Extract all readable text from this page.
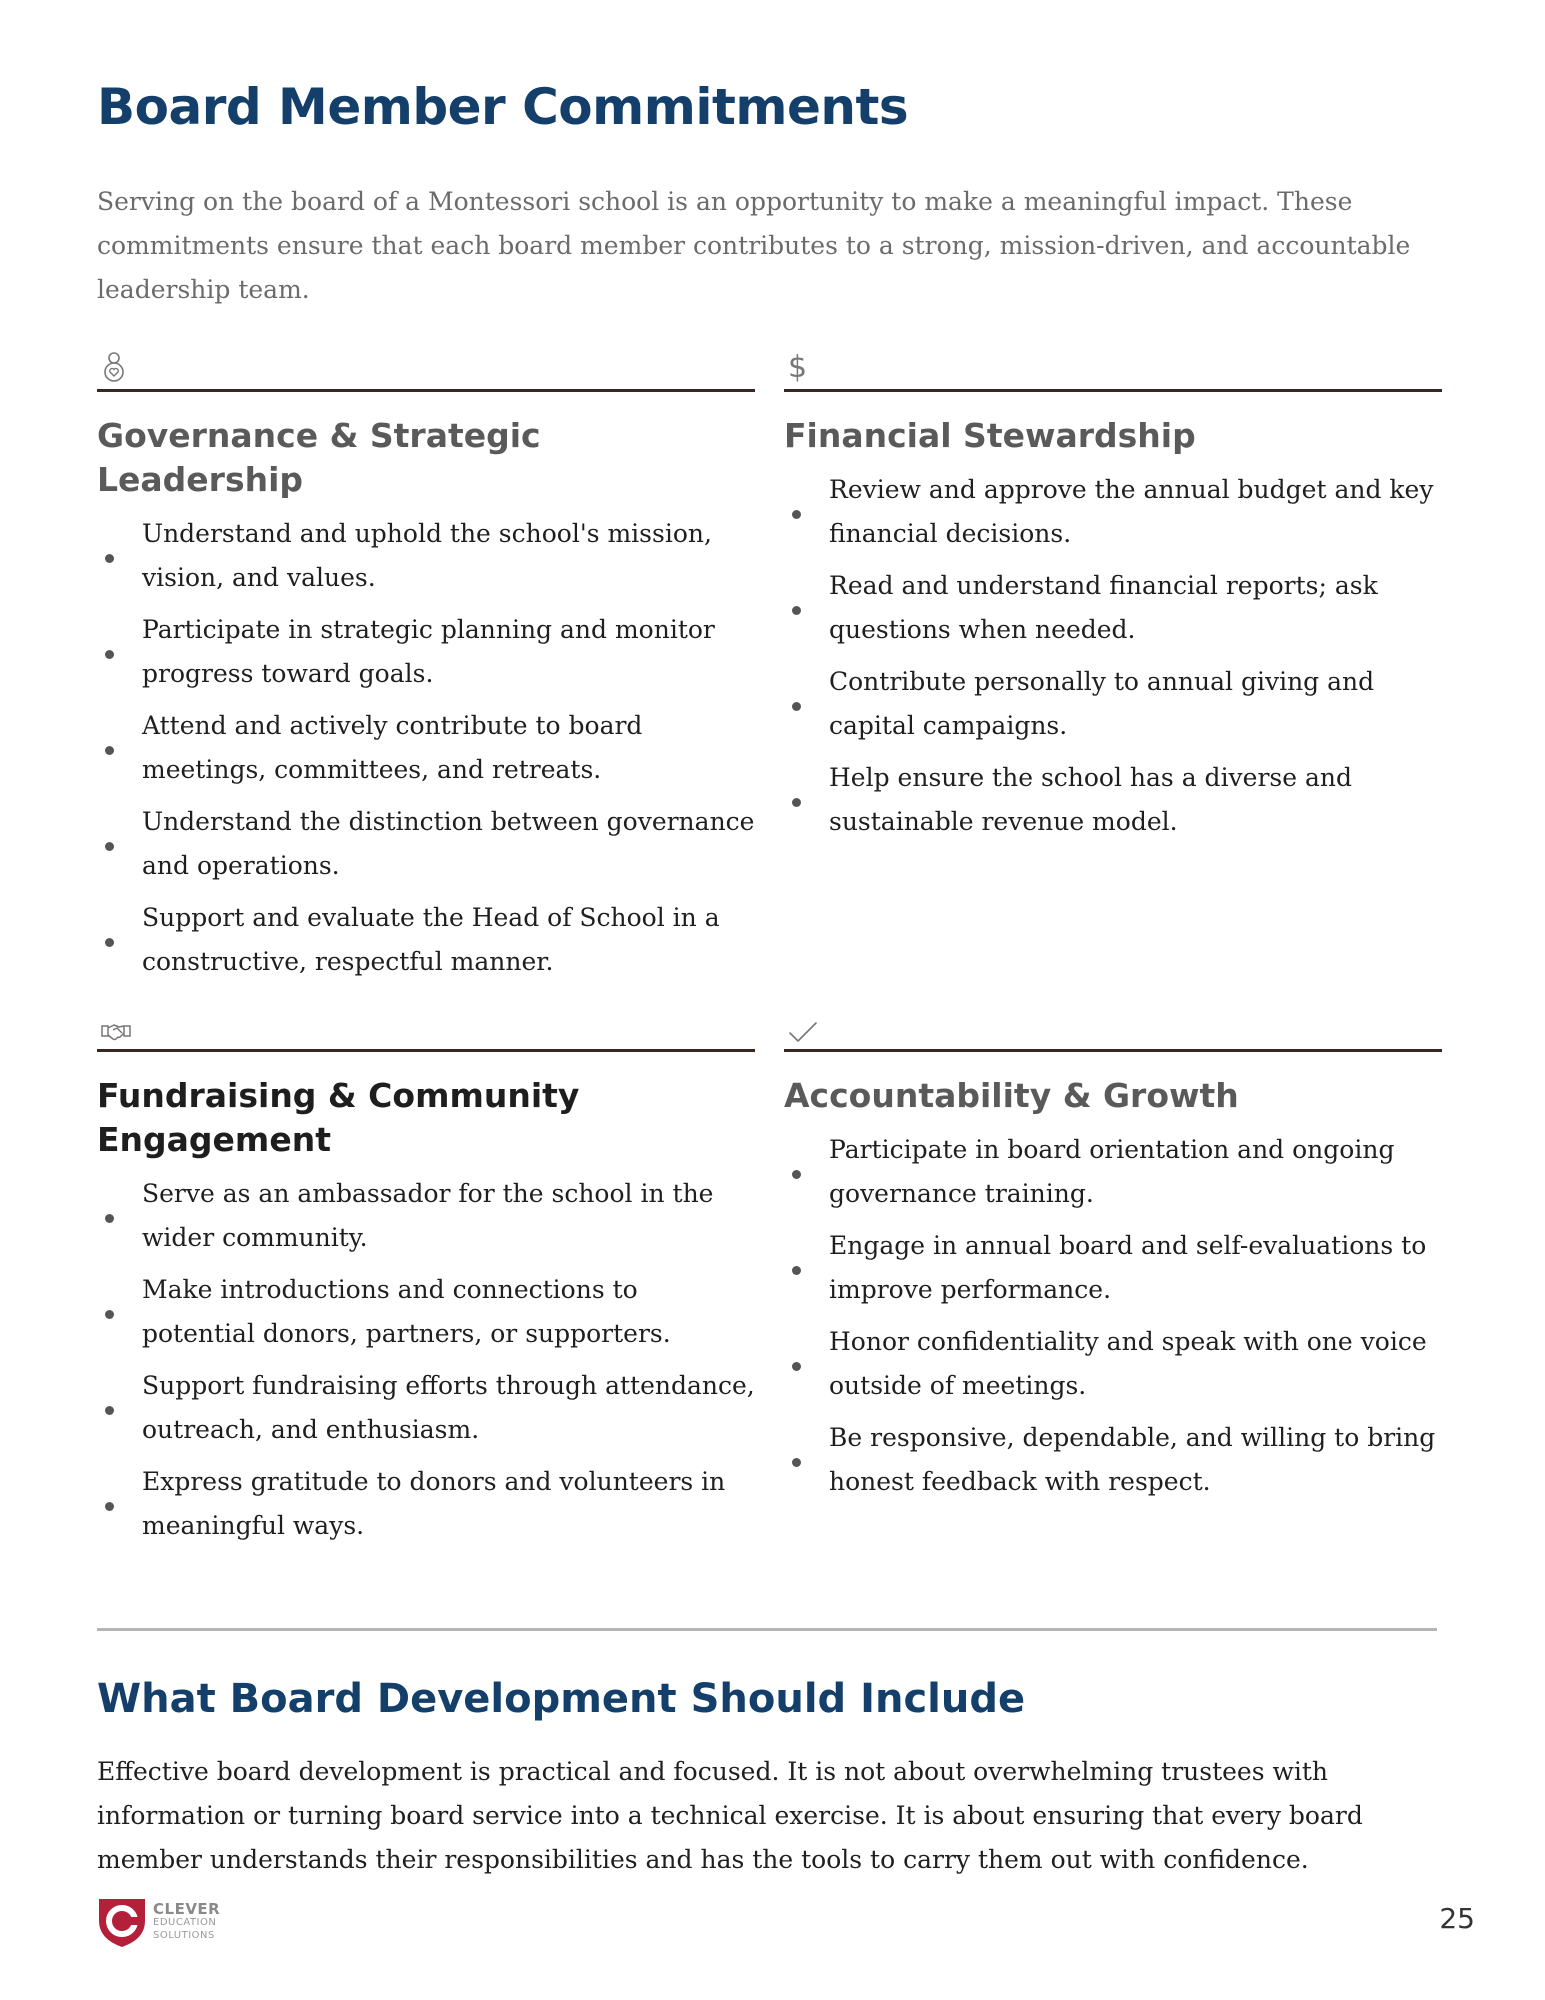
Board Member Commitments

Serving on the board of a Montessori school is an opportunity to make a meaningful impact. These commitments ensure that each board member contributes to a strong, mission-driven, and accountable leadership team.

Governance & Strategic Leadership
Understand and uphold the school's mission, vision, and values.
Participate in strategic planning and monitor progress toward goals.
Attend and actively contribute to board meetings, committees, and retreats.
Understand the distinction between governance and operations.
Support and evaluate the Head of School in a constructive, respectful manner.
$
Financial Stewardship
Review and approve the annual budget and key financial decisions.
Read and understand financial reports; ask questions when needed.
Contribute personally to annual giving and capital campaigns.
Help ensure the school has a diverse and sustainable revenue model.
Fundraising & Community Engagement
Serve as an ambassador for the school in the wider community.
Make introductions and connections to potential donors, partners, or supporters.
Support fundraising efforts through attendance, outreach, and enthusiasm.
Express gratitude to donors and volunteers in meaningful ways.
Accountability & Growth
Participate in board orientation and ongoing governance training.
Engage in annual board and self-evaluations to improve performance.
Honor confidentiality and speak with one voice outside of meetings.
Be responsive, dependable, and willing to bring honest feedback with respect.
What Board Development Should Include

Effective board development is practical and focused. It is not about overwhelming trustees with information or turning board service into a technical exercise. It is about ensuring that every board member understands their responsibilities and has the tools to carry them out with confidence.

CLEVER
EDUCATION
SOLUTIONS	25
